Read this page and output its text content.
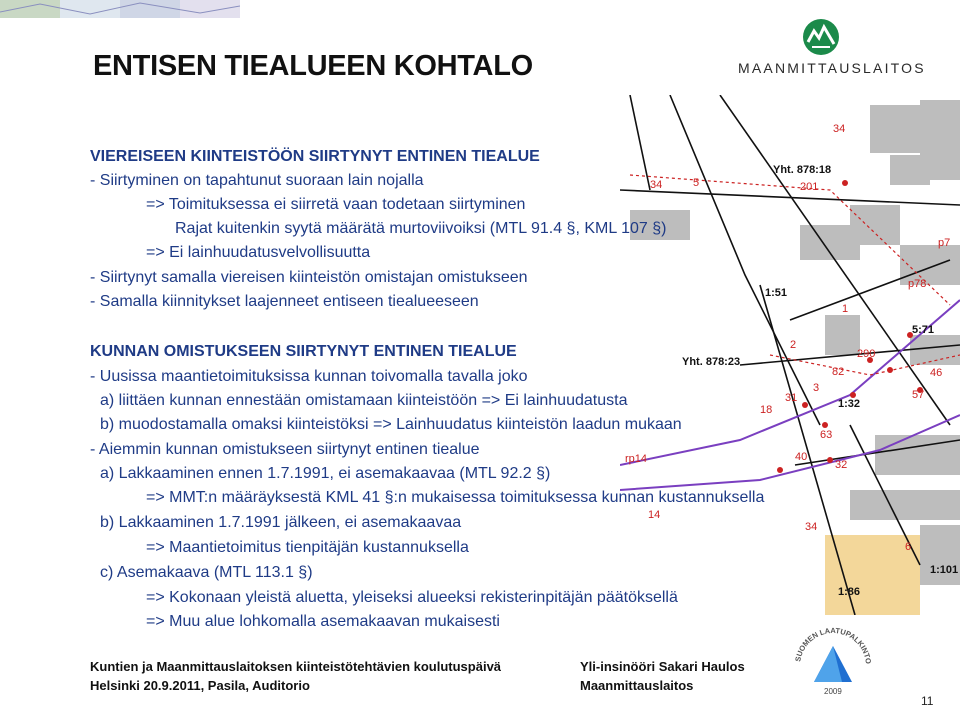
MAANMITTAUSLAITOS
ENTISEN TIEALUEEN KOHTALO
34
34	5	201
1
p78
2
290
82	46
3
57
31
18
63
40
32
rp14
14
34
6
p7
Yht. 878:18
1:51
5:71
Yht. 878:23
1:32
1:101
1:86
VIEREISEEN KIINTEISTÖÖN SIIRTYNYT ENTINEN TIEALUE
- Siirtyminen on tapahtunut suoraan lain nojalla
=> Toimituksessa ei siirretä vaan todetaan siirtyminen
Rajat kuitenkin syytä määrätä murtoviivoiksi (MTL 91.4 §, KML 107 §)
=> Ei lainhuudatusvelvollisuutta
- Siirtynyt samalla viereisen kiinteistön omistajan omistukseen
- Samalla kiinnitykset laajenneet entiseen tiealueeseen
KUNNAN OMISTUKSEEN SIIRTYNYT ENTINEN TIEALUE
- Uusissa maantietoimituksissa kunnan toivomalla tavalla joko
a) liittäen kunnan ennestään omistamaan kiinteistöön => Ei lainhuudatusta
b) muodostamalla omaksi kiinteistöksi => Lainhuudatus kiinteistön laadun mukaan
- Aiemmin kunnan omistukseen siirtynyt entinen tiealue
a) Lakkaaminen ennen 1.7.1991, ei asemakaavaa (MTL 92.2 §)
=> MMT:n määräyksestä KML 41 §:n mukaisessa toimituksessa kunnan kustannuksella
b) Lakkaaminen 1.7.1991 jälkeen, ei asemakaavaa
=> Maantietoimitus tienpitäjän kustannuksella
c) Asemakaava (MTL 113.1 §)
=> Kokonaan yleistä aluetta, yleiseksi alueeksi rekisterinpitäjän päätöksellä
=> Muu alue lohkomalla asemakaavan mukaisesti
Kuntien ja Maanmittauslaitoksen kiinteistötehtävien koulutuspäivä
Helsinki 20.9.2011, Pasila, Auditorio
Yli-insinööri Sakari Haulos
Maanmittauslaitos
SUOMEN LAATUPALKINTO
2009
11
